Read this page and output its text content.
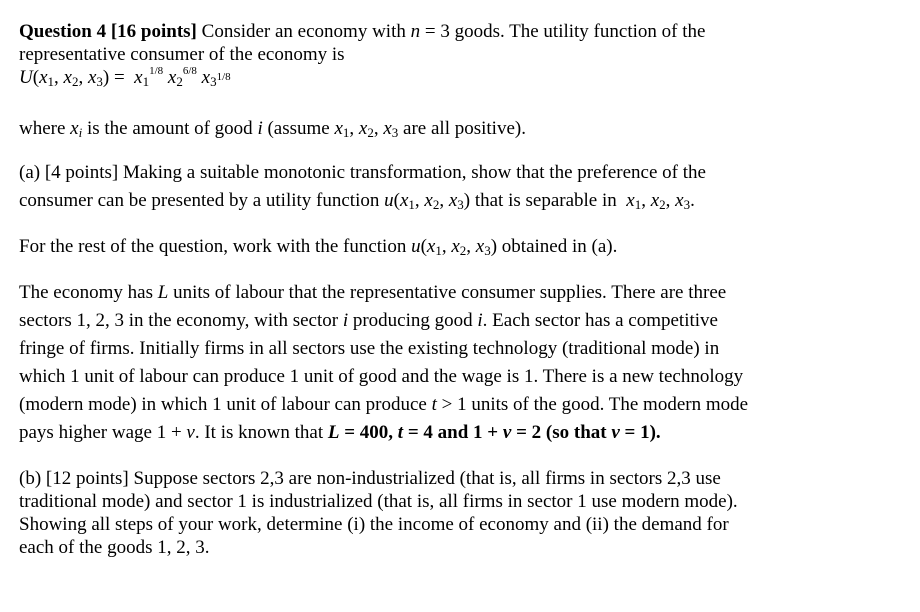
Question 4 [16 points] Consider an economy with n = 3 goods. The utility function of the
representative consumer of the economy is
$U(x_1$, $x_2$, $x_3) = x_1^{1/8}$ $x_2^{6/8}$ $x_3^{1/8}$
where $x_i$ is the amount of good i (assume $x_1$, $x_2$, $x_3$ are all positive).
(a) [4 points] Making a suitable monotonic transformation, show that the preference of the
consumer can be presented by a utility function $u(x_1$, $x_2$, $x_3$) that is separable in $x_1$, $x_2$, $x_3$.
For the rest of the question, work with the function $u(x_1$, $x_2$, $x_3$) obtained in (a).
The economy has L units of labour that the representative consumer supplies. There are three
sectors 1, 2, 3 in the economy, with sector i producing good i. Each sector has a competitive
fringe of firms. Initially firms in all sectors use the existing technology (traditional mode) in
which 1 unit of labour can produce 1 unit of good and the wage is 1. There is a new technology
(modern mode) in which 1 unit of labour can produce t > 1 units of the good. The modern mode
pays higher wage 1 + v. It is known that L = 400, t = 4 and 1 + v = 2 (so that v = 1).
(b) [12 points] Suppose sectors 2,3 are non-industrialized (that is, all firms in sectors 2,3 use
traditional mode) and sector 1 is industrialized (that is, all firms in sector 1 use modern mode).
Showing all steps of your work, determine (i) the income of economy and (ii) the demand for
each of the goods 1, 2, 3.
